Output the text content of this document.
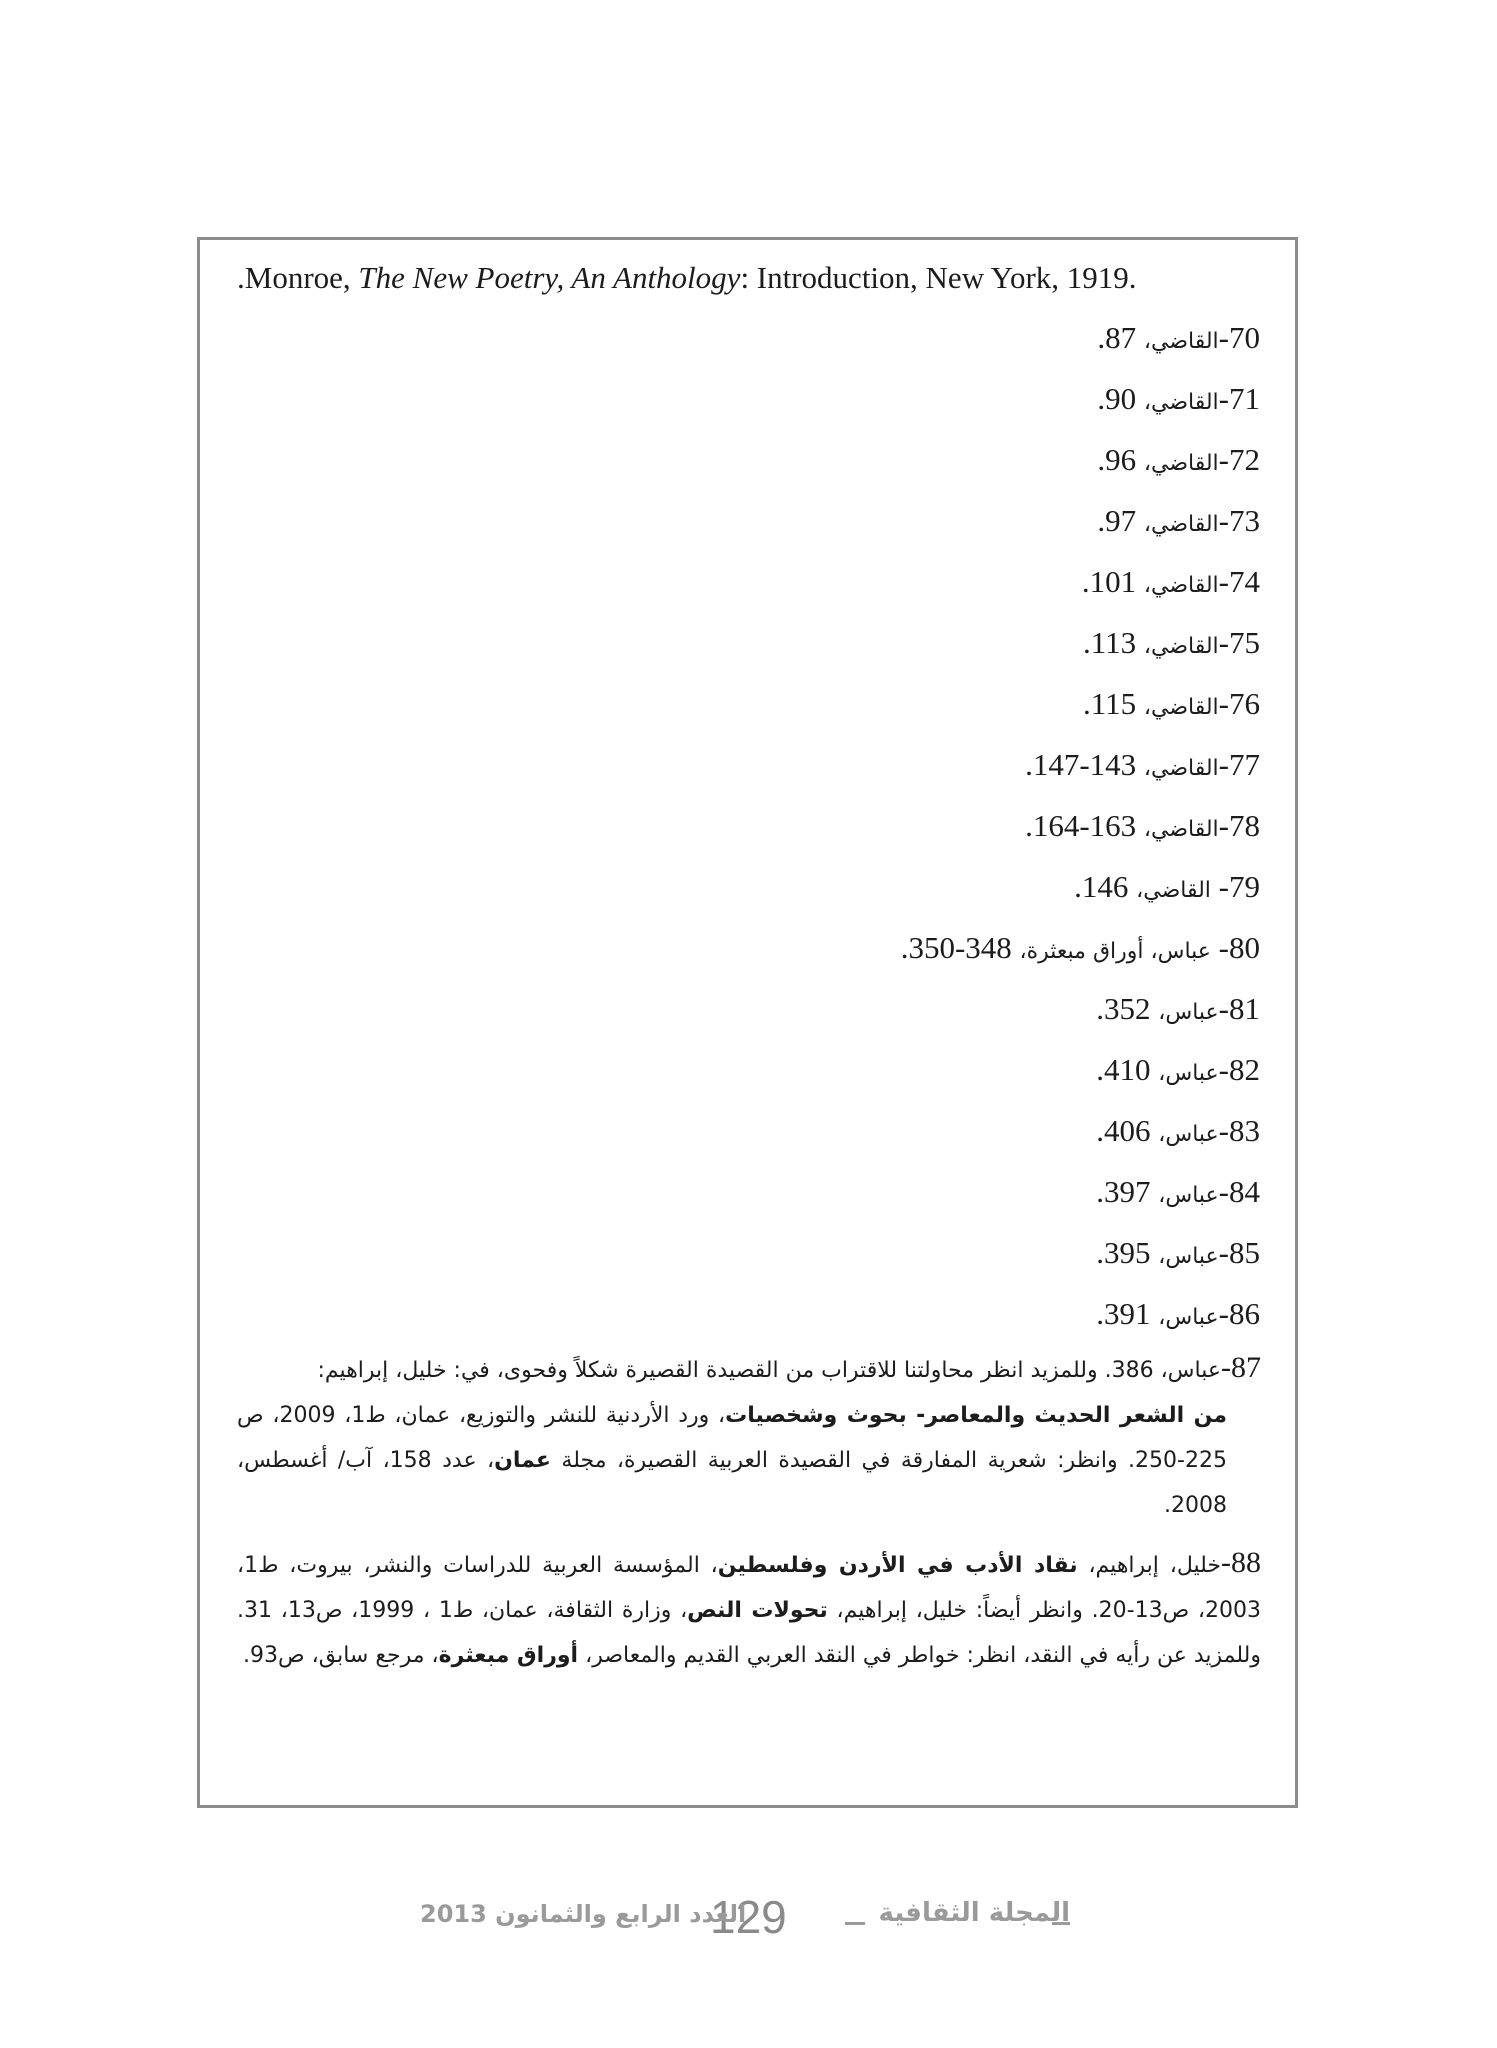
.Monroe, The New Poetry, An Anthology: Introduction, New York, 1919.
70-القاضي، 87.
71-القاضي، 90.
72-القاضي، 96.
73-القاضي، 97.
74-القاضي، 101.
75-القاضي، 113.
76-القاضي، 115.
77-القاضي، 143-147.
78-القاضي، 163-164.
79- القاضي، 146.
80- عباس، أوراق مبعثرة، 348-350.
81-عباس، 352.
82-عباس، 410.
83-عباس، 406.
84-عباس، 397.
85-عباس، 395.
86-عباس، 391.
87-عباس، 386. وللمزيد انظر محاولتنا للاقتراب من القصيدة القصيرة شكلاً وفحوى، في: خليل، إبراهيم:
من الشعر الحديث والمعاصر- بحوث وشخصيات، ورد الأردنية للنشر والتوزيع، عمان، ط1، 2009، ص 225-250. وانظر: شعرية المفارقة في القصيدة العربية القصيرة، مجلة عمان، عدد 158، آب/ أغسطس، 2008.
88-خليل، إبراهيم، نقاد الأدب في الأردن وفلسطين، المؤسسة العربية للدراسات والنشر، بيروت، ط1، 2003، ص13-20. وانظر أيضاً: خليل، إبراهيم، تحولات النص، وزارة الثقافة، عمان، ط1 ، 1999، ص13، 31. وللمزيد عن رأيه في النقد، انظر: خواطر في النقد العربي القديم والمعاصر، أوراق مبعثرة، مرجع سابق، ص93.
المجلة الثقافية
129
العدد الرابع والثمانون 2013
